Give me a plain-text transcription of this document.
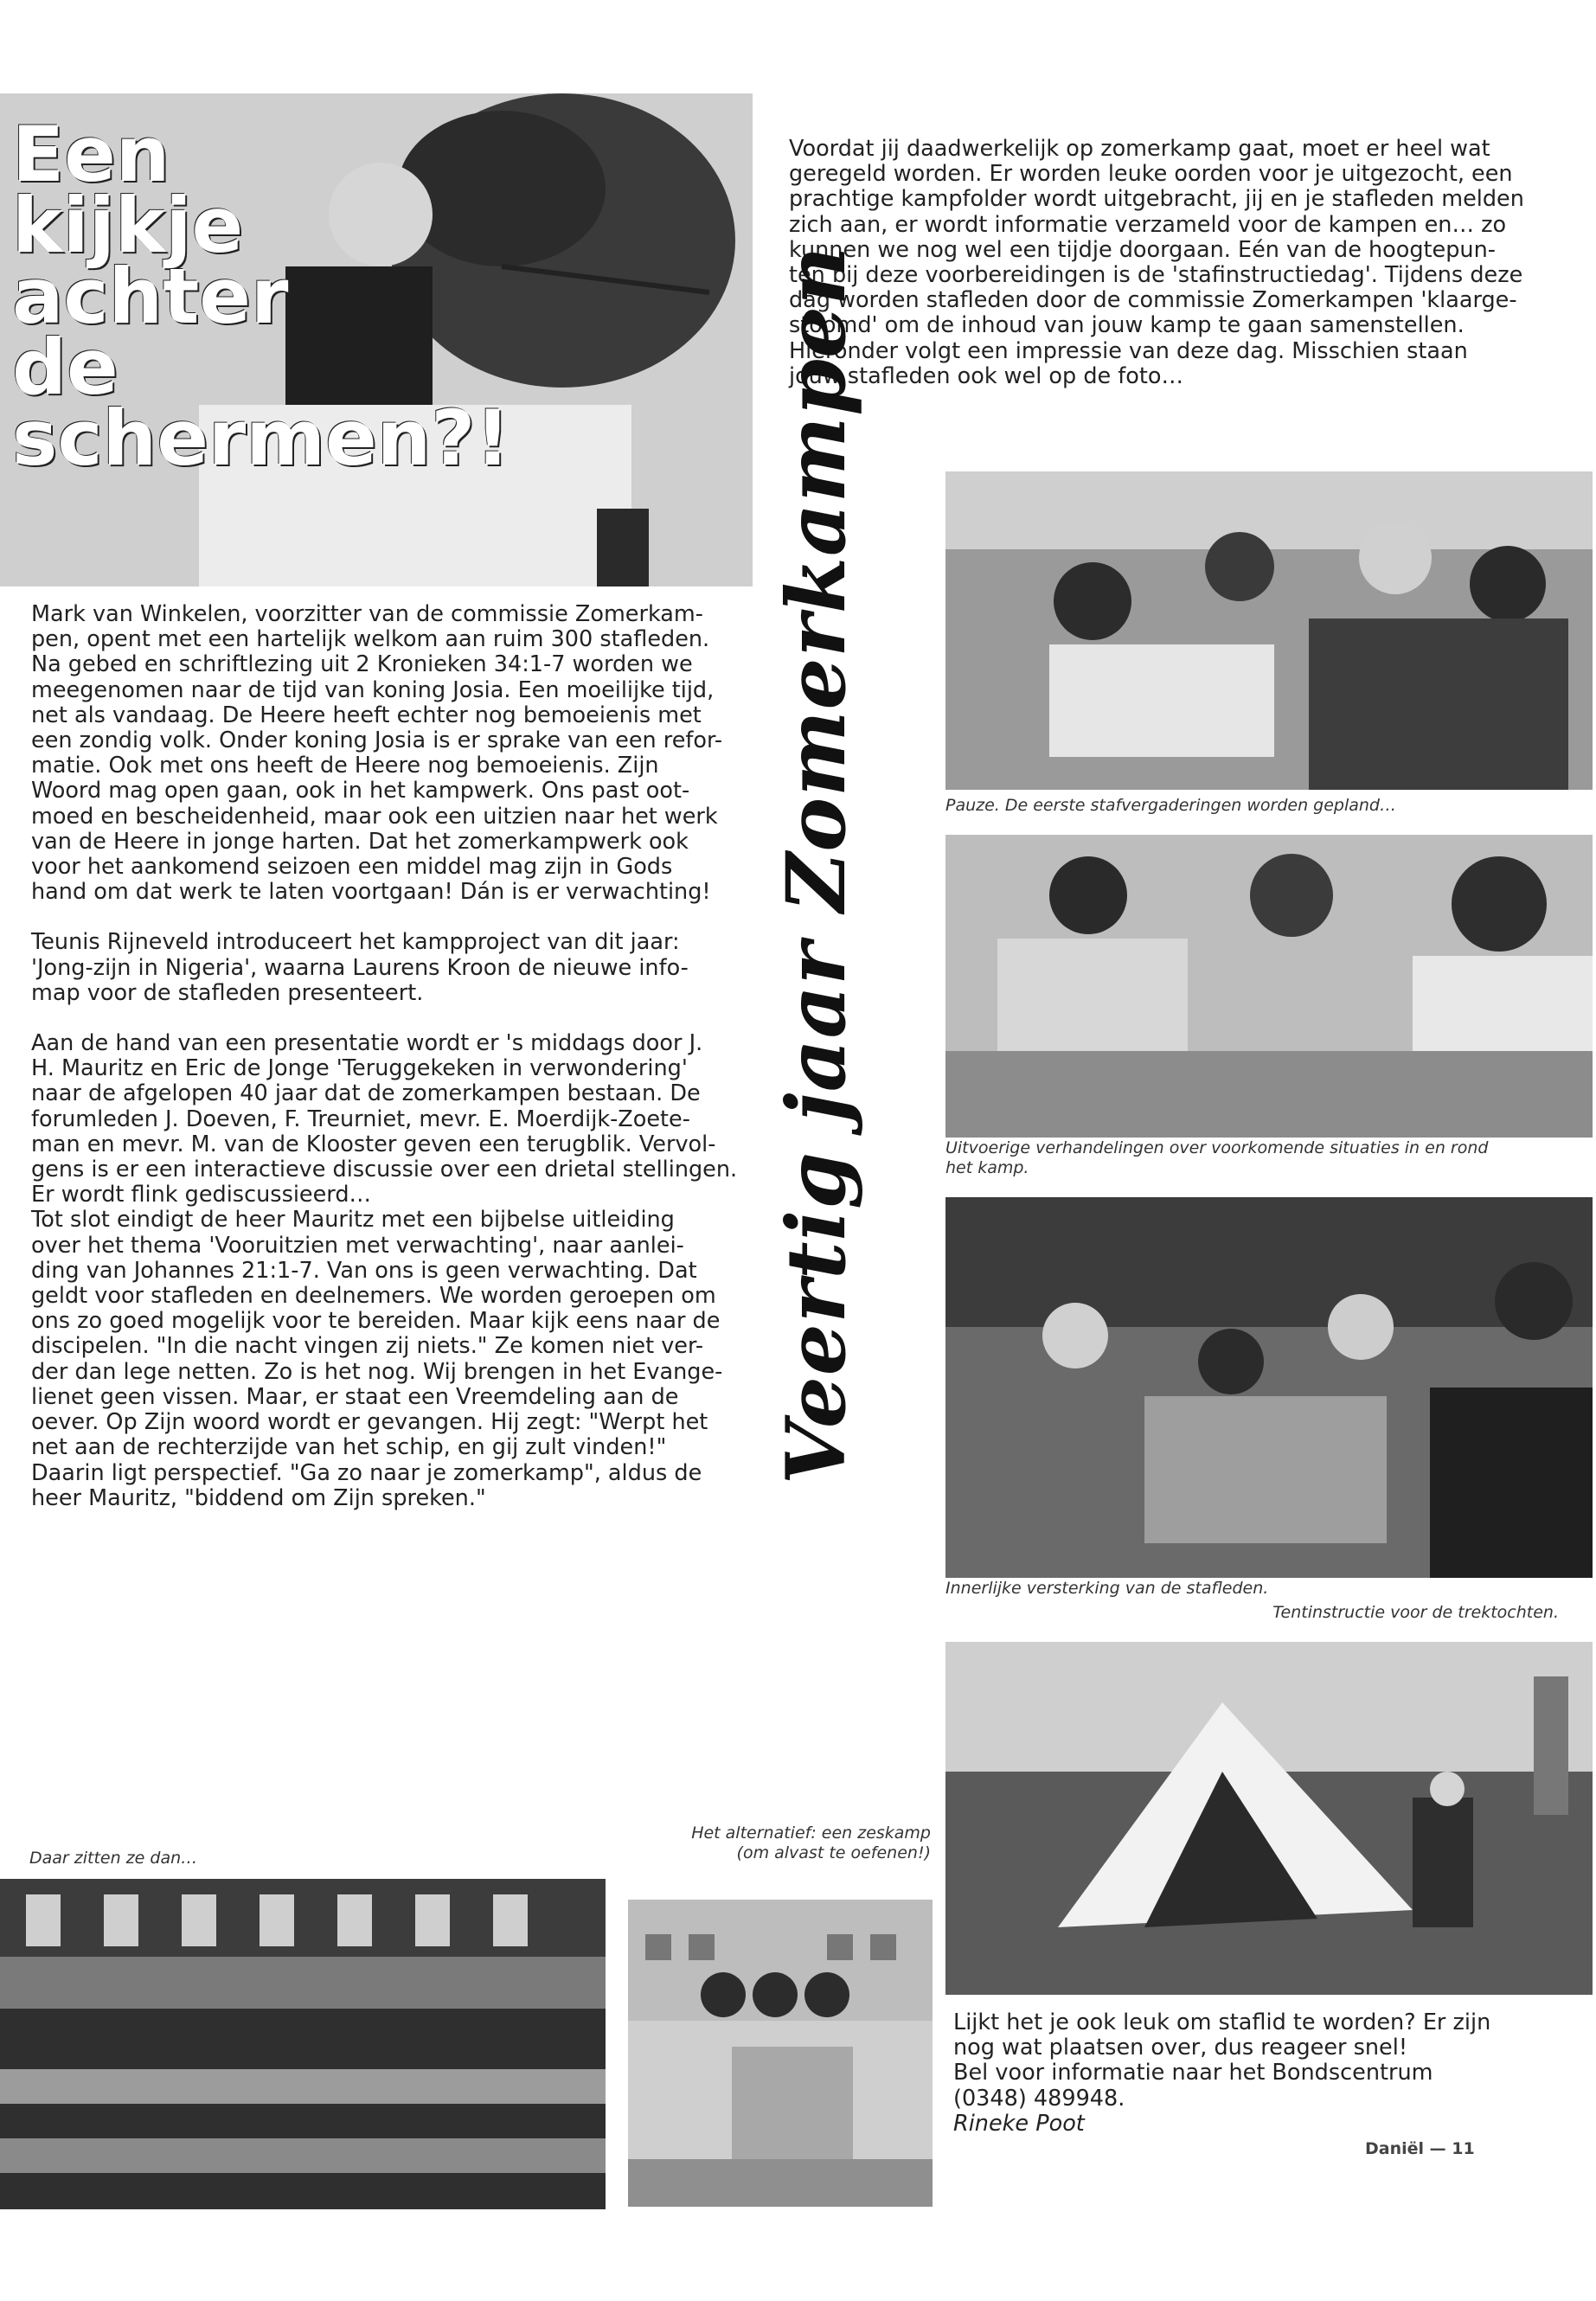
Een
kijkje
achter
de
schermen?!

Voordat jij daadwerkelijk op zomerkamp gaat, moet er heel wat
geregeld worden. Er worden leuke oorden voor je uitgezocht, een
prachtige kampfolder wordt uitgebracht, jij en je stafleden melden
zich aan, er wordt informatie verzameld voor de kampen en… zo
kunnen we nog wel een tijdje doorgaan. Eén van de hoogtepun-
ten bij deze voorbereidingen is de 'stafinstructiedag'. Tijdens deze
dag worden stafleden door de commissie Zomerkampen 'klaarge-
stoomd' om de inhoud van jouw kamp te gaan samenstellen.
Hieronder volgt een impressie van deze dag. Misschien staan
jouw stafleden ook wel op de foto…

Mark van Winkelen, voorzitter van de commissie Zomerkam-
pen, opent met een hartelijk welkom aan ruim 300 stafleden.
Na gebed en schriftlezing uit 2 Kronieken 34:1-7 worden we
meegenomen naar de tijd van koning Josia. Een moeilijke tijd,
net als vandaag. De Heere heeft echter nog bemoeienis met
een zondig volk. Onder koning Josia is er sprake van een refor-
matie. Ook met ons heeft de Heere nog bemoeienis. Zijn
Woord mag open gaan, ook in het kampwerk. Ons past oot-
moed en bescheidenheid, maar ook een uitzien naar het werk
van de Heere in jonge harten. Dat het zomerkampwerk ook
voor het aankomend seizoen een middel mag zijn in Gods
hand om dat werk te laten voortgaan! Dán is er verwachting!

Teunis Rijneveld introduceert het kampproject van dit jaar:
'Jong-zijn in Nigeria', waarna Laurens Kroon de nieuwe info-
map voor de stafleden presenteert.

Aan de hand van een presentatie wordt er 's middags door J.
H. Mauritz en Eric de Jonge 'Teruggekeken in verwondering'
naar de afgelopen 40 jaar dat de zomerkampen bestaan. De
forumleden J. Doeven, F. Treurniet, mevr. E. Moerdijk-Zoete-
man en mevr. M. van de Klooster geven een terugblik. Vervol-
gens is er een interactieve discussie over een drietal stellingen.
Er wordt flink gediscussieerd…
Tot slot eindigt de heer Mauritz met een bijbelse uitleiding
over het thema 'Vooruitzien met verwachting', naar aanlei-
ding van Johannes 21:1-7. Van ons is geen verwachting. Dat
geldt voor stafleden en deelnemers. We worden geroepen om
ons zo goed mogelijk voor te bereiden. Maar kijk eens naar de
discipelen. "In die nacht vingen zij niets." Ze komen niet ver-
der dan lege netten. Zo is het nog. Wij brengen in het Evange-
lienet geen vissen. Maar, er staat een Vreemdeling aan de
oever. Op Zijn woord wordt er gevangen. Hij zegt: "Werpt het
net aan de rechterzijde van het schip, en gij zult vinden!"
Daarin ligt perspectief. "Ga zo naar je zomerkamp", aldus de
heer Mauritz, "biddend om Zijn spreken."

Veertig jaar Zomerkampen	Pauze. De eerste stafvergaderingen worden gepland…
Uitvoerige verhandelingen over voorkomende situaties in en rond
het kamp.
Innerlijke versterking van de stafleden.
Tentinstructie voor de trektochten.

Lijkt het je ook leuk om staflid te worden? Er zijn
nog wat plaatsen over, dus reageer snel!
Bel voor informatie naar het Bondscentrum
(0348) 489948.

Rineke Poot

Daniël — 11
Daar zitten ze dan…
Het alternatief: een zeskamp
(om alvast te oefenen!)
